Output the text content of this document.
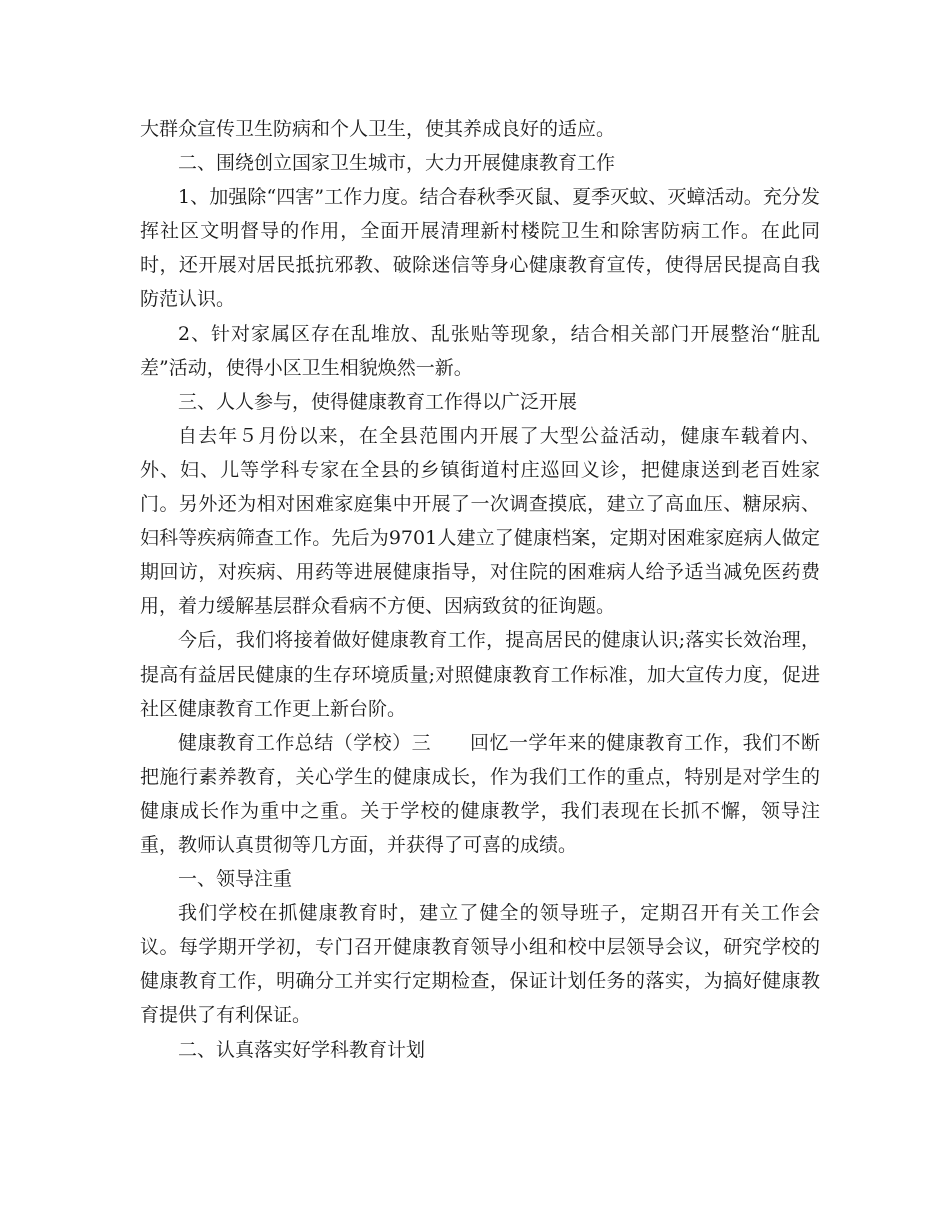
大群众宣传卫生防病和个人卫生，使其养成良好的适应。

二、围绕创立国家卫生城市，大力开展健康教育工作

1、加强除“四害”工作力度。结合春秋季灭鼠、夏季灭蚊、灭蟑活动。充分发挥社区文明督导的作用，全面开展清理新村楼院卫生和除害防病工作。在此同时，还开展对居民抵抗邪教、破除迷信等身心健康教育宣传，使得居民提高自我防范认识。

2、针对家属区存在乱堆放、乱张贴等现象，结合相关部门开展整治“脏乱差”活动，使得小区卫生相貌焕然一新。

三、人人参与，使得健康教育工作得以广泛开展

自去年５月份以来，在全县范围内开展了大型公益活动，健康车载着内、外、妇、儿等学科专家在全县的乡镇街道村庄巡回义诊，把健康送到老百姓家门。另外还为相对困难家庭集中开展了一次调查摸底，建立了高血压、糖尿病、妇科等疾病筛查工作。先后为9701人建立了健康档案，定期对困难家庭病人做定期回访，对疾病、用药等进展健康指导，对住院的困难病人给予适当减免医药费用，着力缓解基层群众看病不方便、因病致贫的征询题。

今后，我们将接着做好健康教育工作，提高居民的健康认识;落实长效治理，提高有益居民健康的生存环境质量;对照健康教育工作标准，加大宣传力度，促进社区健康教育工作更上新台阶。

健康教育工作总结（学校）三　　回忆一学年来的健康教育工作，我们不断把施行素养教育，关心学生的健康成长，作为我们工作的重点，特别是对学生的健康成长作为重中之重。关于学校的健康教学，我们表现在长抓不懈，领导注重，教师认真贯彻等几方面，并获得了可喜的成绩。

一、领导注重

我们学校在抓健康教育时，建立了健全的领导班子，定期召开有关工作会议。每学期开学初，专门召开健康教育领导小组和校中层领导会议，研究学校的健康教育工作，明确分工并实行定期检查，保证计划任务的落实，为搞好健康教育提供了有利保证。

二、认真落实好学科教育计划
